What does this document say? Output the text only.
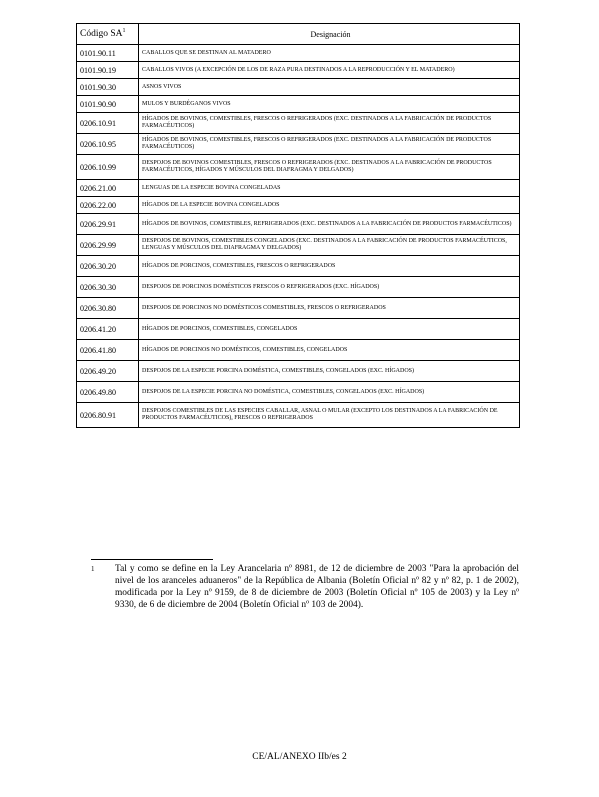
Código $SA^1$	Designación
0101.90.11	CABALLOS QUE SE DESTINAN AL MATADERO
0101.90.19	CABALLOS VIVOS (A EXCEPCIÓN DE LOS DE RAZA PURA DESTINADOS A LA REPRODUCCIÓN Y EL MATADERO)
0101.90.30	ASNOS VIVOS
0101.90.90	MULOS Y BURDÉGANOS VIVOS
0206.10.91	HÍGADOS DE BOVINOS, COMESTIBLES, FRESCOS O REFRIGERADOS (EXC. DESTINADOS A LA FABRICACIÓN DE PRODUCTOS FARMACÉUTICOS)
0206.10.95	HÍGADOS DE BOVINOS, COMESTIBLES, FRESCOS O REFRIGERADOS (EXC. DESTINADOS A LA FABRICACIÓN DE PRODUCTOS FARMACÉUTICOS)
0206.10.99	DESPOJOS DE BOVINOS COMESTIBLES, FRESCOS O REFRIGERADOS (EXC. DESTINADOS A LA FABRICACIÓN DE PRODUCTOS FARMACÉUTICOS, HÍGADOS Y MÚSCULOS DEL DIAFRAGMA Y DELGADOS)
0206.21.00	LENGUAS DE LA ESPECIE BOVINA CONGELADAS
0206.22.00	HÍGADOS DE LA ESPECIE BOVINA CONGELADOS
0206.29.91	HÍGADOS DE BOVINOS, COMESTIBLES, REFRIGERADOS (EXC. DESTINADOS A LA FABRICACIÓN DE PRODUCTOS FARMACÉUTICOS)
0206.29.99	DESPOJOS DE BOVINOS, COMESTIBLES CONGELADOS (EXC. DESTINADOS A LA FABRICACIÓN DE PRODUCTOS FARMACÉUTICOS, LENGUAS Y MÚSCULOS DEL DIAFRAGMA Y DELGADOS)
0206.30.20	HÍGADOS DE PORCINOS, COMESTIBLES, FRESCOS O REFRIGERADOS
0206.30.30	DESPOJOS DE PORCINOS DOMÉSTICOS FRESCOS O REFRIGERADOS (EXC. HÍGADOS)
0206.30.80	DESPOJOS DE PORCINOS NO DOMÉSTICOS COMESTIBLES, FRESCOS O REFRIGERADOS
0206.41.20	HÍGADOS DE PORCINOS, COMESTIBLES, CONGELADOS
0206.41.80	HÍGADOS DE PORCINOS NO DOMÉSTICOS, COMESTIBLES, CONGELADOS
0206.49.20	DESPOJOS DE LA ESPECIE PORCINA DOMÉSTICA, COMESTIBLES, CONGELADOS (EXC. HÍGADOS)
0206.49.80	DESPOJOS DE LA ESPECIE PORCINA NO DOMÉSTICA, COMESTIBLES, CONGELADOS (EXC. HÍGADOS)
0206.80.91	DESPOJOS COMESTIBLES DE LAS ESPECIES CABALLAR, ASNAL O MULAR (EXCEPTO LOS DESTINADOS A LA FABRICACIÓN DE PRODUCTOS FARMACÉUTICOS), FRESCOS O REFRIGERADOS
1 Tal y como se define en la Ley Arancelaria nº 8981, de 12 de diciembre de 2003 "Para la aprobación del nivel de los aranceles aduaneros" de la República de Albania (Boletín Oficial nº 82 y nº 82, p. 1 de 2002), modificada por la Ley nº 9159, de 8 de diciembre de 2003 (Boletín Oficial nº 105 de 2003) y la Ley nº 9330, de 6 de diciembre de 2004 (Boletín Oficial nº 103 de 2004).
CE/AL/ANEXO IIb/es 2
